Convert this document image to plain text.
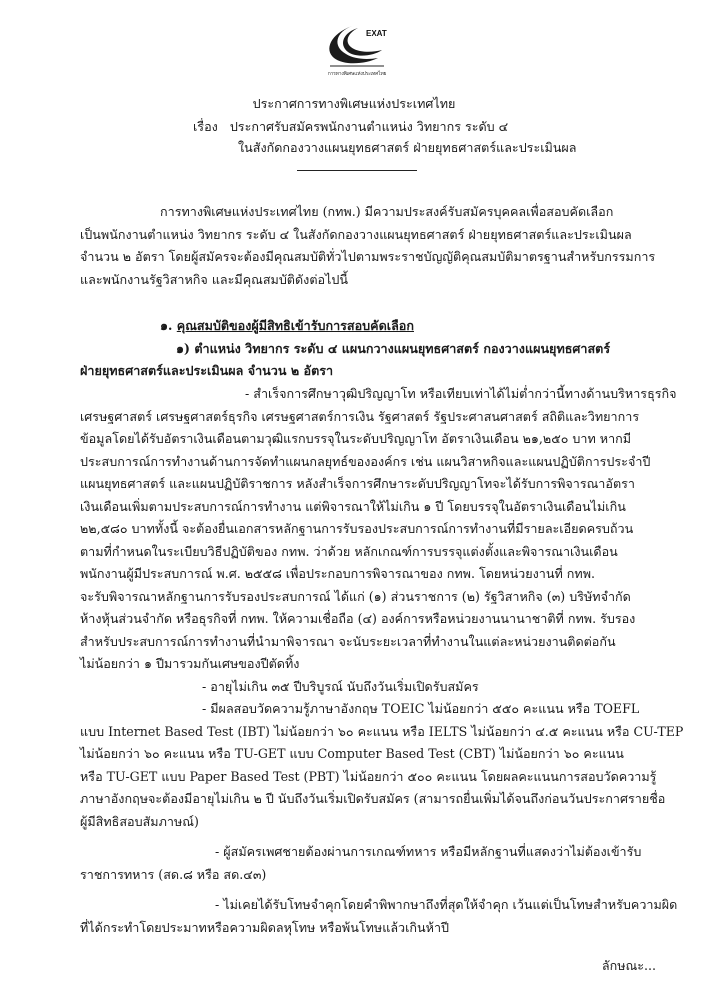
EXAT
การทางพิเศษแห่งประเทศไทย
ประกาศการทางพิเศษแห่งประเทศไทย
เรื่อง ประกาศรับสมัครพนักงานตำแหน่ง วิทยากร ระดับ ๔
ในสังกัดกองวางแผนยุทธศาสตร์ ฝ่ายยุทธศาสตร์และประเมินผล
การทางพิเศษแห่งประเทศไทย (กทพ.) มีความประสงค์รับสมัครบุคคลเพื่อสอบคัดเลือก
เป็นพนักงานตำแหน่ง วิทยากร ระดับ ๔ ในสังกัดกองวางแผนยุทธศาสตร์ ฝ่ายยุทธศาสตร์และประเมินผล
จำนวน ๒ อัตรา โดยผู้สมัครจะต้องมีคุณสมบัติทั่วไปตามพระราชบัญญัติคุณสมบัติมาตรฐานสำหรับกรรมการ
และพนักงานรัฐวิสาหกิจ และมีคุณสมบัติดังต่อไปนี้
๑. คุณสมบัติของผู้มีสิทธิเข้ารับการสอบคัดเลือก
๑) ตำแหน่ง วิทยากร ระดับ ๔ แผนกวางแผนยุทธศาสตร์ กองวางแผนยุทธศาสตร์
ฝ่ายยุทธศาสตร์และประเมินผล จำนวน ๒ อัตรา
- สำเร็จการศึกษาวุฒิปริญญาโท หรือเทียบเท่าได้ไม่ต่ำกว่านี้ทางด้านบริหารธุรกิจ
เศรษฐศาสตร์ เศรษฐศาสตร์ธุรกิจ เศรษฐศาสตร์การเงิน รัฐศาสตร์ รัฐประศาสนศาสตร์ สถิติและวิทยาการ
ข้อมูลโดยได้รับอัตราเงินเดือนตามวุฒิแรกบรรจุในระดับปริญญาโท อัตราเงินเดือน ๒๑,๒๕๐ บาท หากมี
ประสบการณ์การทำงานด้านการจัดทำแผนกลยุทธ์ขององค์กร เช่น แผนวิสาหกิจและแผนปฏิบัติการประจำปี
แผนยุทธศาสตร์ และแผนปฏิบัติราชการ หลังสำเร็จการศึกษาระดับปริญญาโทจะได้รับการพิจารณาอัตรา
เงินเดือนเพิ่มตามประสบการณ์การทำงาน แต่พิจารณาให้ไม่เกิน ๑ ปี โดยบรรจุในอัตราเงินเดือนไม่เกิน
๒๒,๕๘๐ บาททั้งนี้ จะต้องยื่นเอกสารหลักฐานการรับรองประสบการณ์การทำงานที่มีรายละเอียดครบถ้วน
ตามที่กำหนดในระเบียบวิธีปฏิบัติของ กทพ. ว่าด้วย หลักเกณฑ์การบรรจุแต่งตั้งและพิจารณาเงินเดือน
พนักงานผู้มีประสบการณ์ พ.ศ. ๒๕๕๘ เพื่อประกอบการพิจารณาของ กทพ. โดยหน่วยงานที่ กทพ.
จะรับพิจารณาหลักฐานการรับรองประสบการณ์ ได้แก่ (๑) ส่วนราชการ (๒) รัฐวิสาหกิจ (๓) บริษัทจำกัด
ห้างหุ้นส่วนจำกัด หรือธุรกิจที่ กทพ. ให้ความเชื่อถือ (๔) องค์การหรือหน่วยงานนานาชาติที่ กทพ. รับรอง
สำหรับประสบการณ์การทำงานที่นำมาพิจารณา จะนับระยะเวลาที่ทำงานในแต่ละหน่วยงานติดต่อกัน
ไม่น้อยกว่า ๑ ปีมารวมกันเศษของปีตัดทิ้ง
- อายุไม่เกิน ๓๕ ปีบริบูรณ์ นับถึงวันเริ่มเปิดรับสมัคร
- มีผลสอบวัดความรู้ภาษาอังกฤษ TOEIC ไม่น้อยกว่า ๕๕๐ คะแนน หรือ TOEFL
แบบ Internet Based Test (IBT) ไม่น้อยกว่า ๖๐ คะแนน หรือ IELTS ไม่น้อยกว่า ๔.๕ คะแนน หรือ CU-TEP
ไม่น้อยกว่า ๖๐ คะแนน หรือ TU-GET แบบ Computer Based Test (CBT) ไม่น้อยกว่า ๖๐ คะแนน
หรือ TU-GET แบบ Paper Based Test (PBT) ไม่น้อยกว่า ๕๐๐ คะแนน โดยผลคะแนนการสอบวัดความรู้
ภาษาอังกฤษจะต้องมีอายุไม่เกิน ๒ ปี นับถึงวันเริ่มเปิดรับสมัคร (สามารถยื่นเพิ่มได้จนถึงก่อนวันประกาศรายชื่อ
ผู้มีสิทธิสอบสัมภาษณ์)
- ผู้สมัครเพศชายต้องผ่านการเกณฑ์ทหาร หรือมีหลักฐานที่แสดงว่าไม่ต้องเข้ารับ
ราชการทหาร (สด.๘ หรือ สด.๔๓)
- ไม่เคยได้รับโทษจำคุกโดยคำพิพากษาถึงที่สุดให้จำคุก เว้นแต่เป็นโทษสำหรับความผิด
ที่ได้กระทำโดยประมาทหรือความผิดลหุโทษ หรือพ้นโทษแล้วเกินห้าปี
ลักษณะ...
